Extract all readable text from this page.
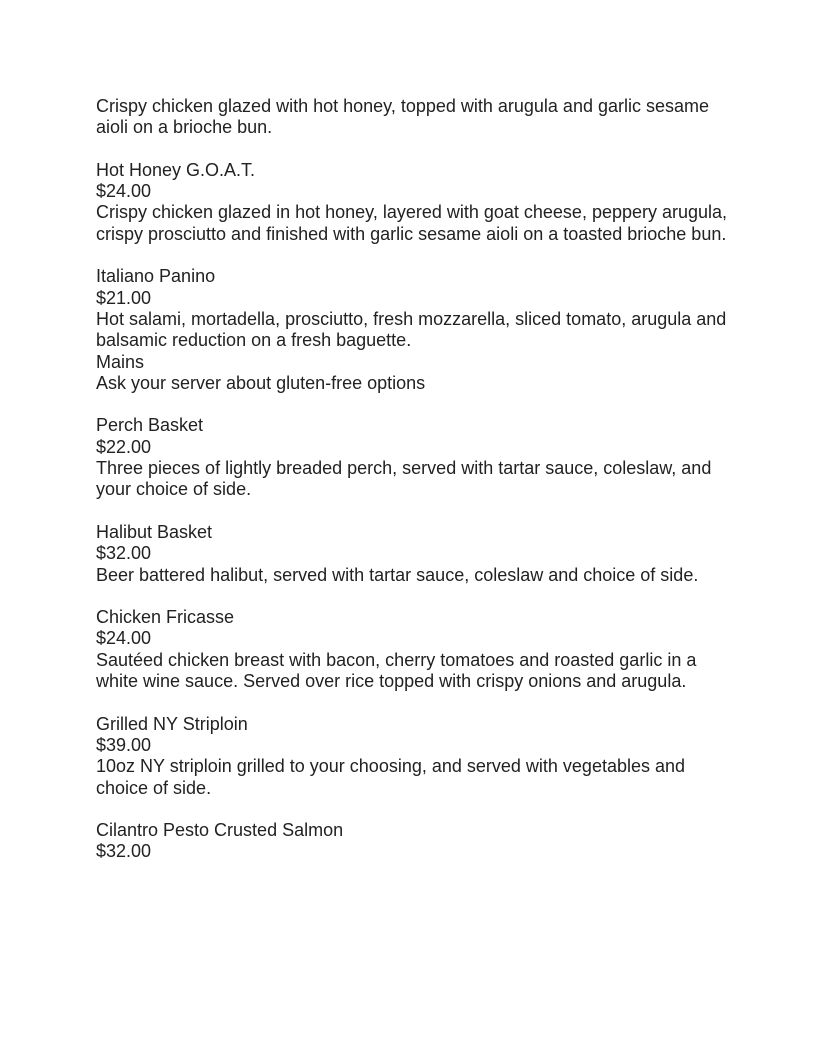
Crispy chicken glazed with hot honey, topped with arugula and garlic sesame aioli on a brioche bun.
Hot Honey G.O.A.T.
$24.00
Crispy chicken glazed in hot honey, layered with goat cheese, peppery arugula, crispy prosciutto and finished with garlic sesame aioli on a toasted brioche bun.
Italiano Panino
$21.00
Hot salami, mortadella, prosciutto, fresh mozzarella, sliced tomato, arugula and balsamic reduction on a fresh baguette.
Mains
Ask your server about gluten-free options
Perch Basket
$22.00
Three pieces of lightly breaded perch, served with tartar sauce, coleslaw, and your choice of side.
Halibut Basket
$32.00
Beer battered halibut, served with tartar sauce, coleslaw and choice of side.
Chicken Fricasse
$24.00
Sautéed chicken breast with bacon, cherry tomatoes and roasted garlic in a white wine sauce. Served over rice topped with crispy onions and arugula.
Grilled NY Striploin
$39.00
10oz NY striploin grilled to your choosing, and served with vegetables and choice of side.
Cilantro Pesto Crusted Salmon
$32.00
